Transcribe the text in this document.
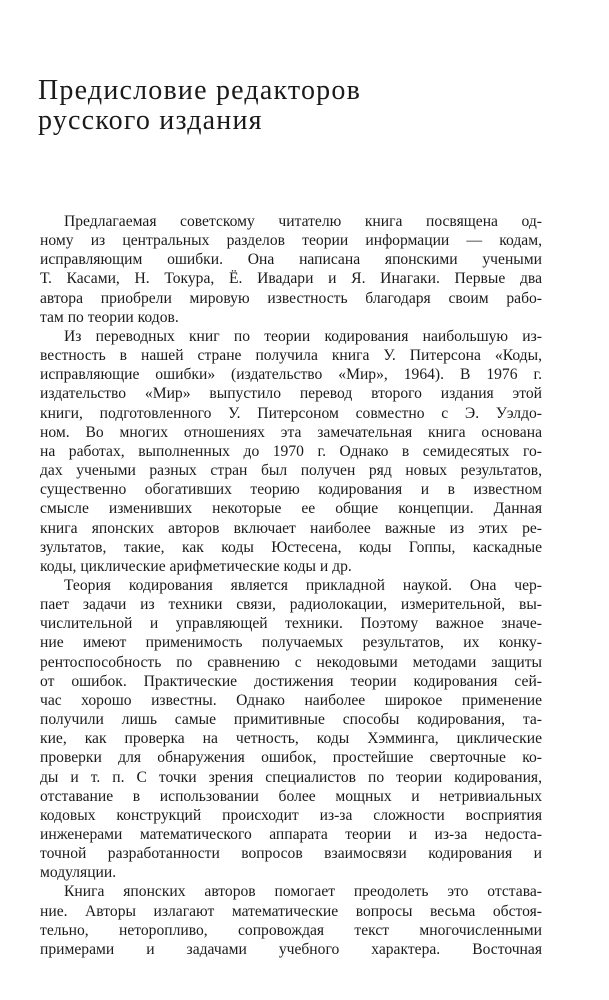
Предисловие редакторов
русского издания
Предлагаемая советскому читателю книга посвящена од-
ному из центральных разделов теории информации — кодам,
исправляющим ошибки. Она написана японскими учеными
Т. Касами, Н. Токура, Ё. Ивадари и Я. Инагаки. Первые два
автора приобрели мировую известность благодаря своим рабо-
там по теории кодов.
Из переводных книг по теории кодирования наибольшую из-
вестность в нашей стране получила книга У. Питерсона «Коды,
исправляющие ошибки» (издательство «Мир», 1964). В 1976 г.
издательство «Мир» выпустило перевод второго издания этой
книги, подготовленного У. Питерсоном совместно с Э. Уэлдо-
ном. Во многих отношениях эта замечательная книга основана
на работах, выполненных до 1970 г. Однако в семидесятых го-
дах учеными разных стран был получен ряд новых результатов,
существенно обогативших теорию кодирования и в известном
смысле изменивших некоторые ее общие концепции. Данная
книга японских авторов включает наиболее важные из этих ре-
зультатов, такие, как коды Юстесена, коды Гоппы, каскадные
коды, циклические арифметические коды и др.
Теория кодирования является прикладной наукой. Она чер-
пает задачи из техники связи, радиолокации, измерительной, вы-
числительной и управляющей техники. Поэтому важное значе-
ние имеют применимость получаемых результатов, их конку-
рентоспособность по сравнению с некодовыми методами защиты
от ошибок. Практические достижения теории кодирования сей-
час хорошо известны. Однако наиболее широкое применение
получили лишь самые примитивные способы кодирования, та-
кие, как проверка на четность, коды Хэмминга, циклические
проверки для обнаружения ошибок, простейшие сверточные ко-
ды и т. п. С точки зрения специалистов по теории кодирования,
отставание в использовании более мощных и нетривиальных
кодовых конструкций происходит из-за сложности восприятия
инженерами математического аппарата теории и из-за недоста-
точной разработанности вопросов взаимосвязи кодирования и
модуляции.
Книга японских авторов помогает преодолеть это отстава-
ние. Авторы излагают математические вопросы весьма обстоя-
тельно, неторопливо, сопровождая текст многочисленными
примерами и задачами учебного характера. Восточная
